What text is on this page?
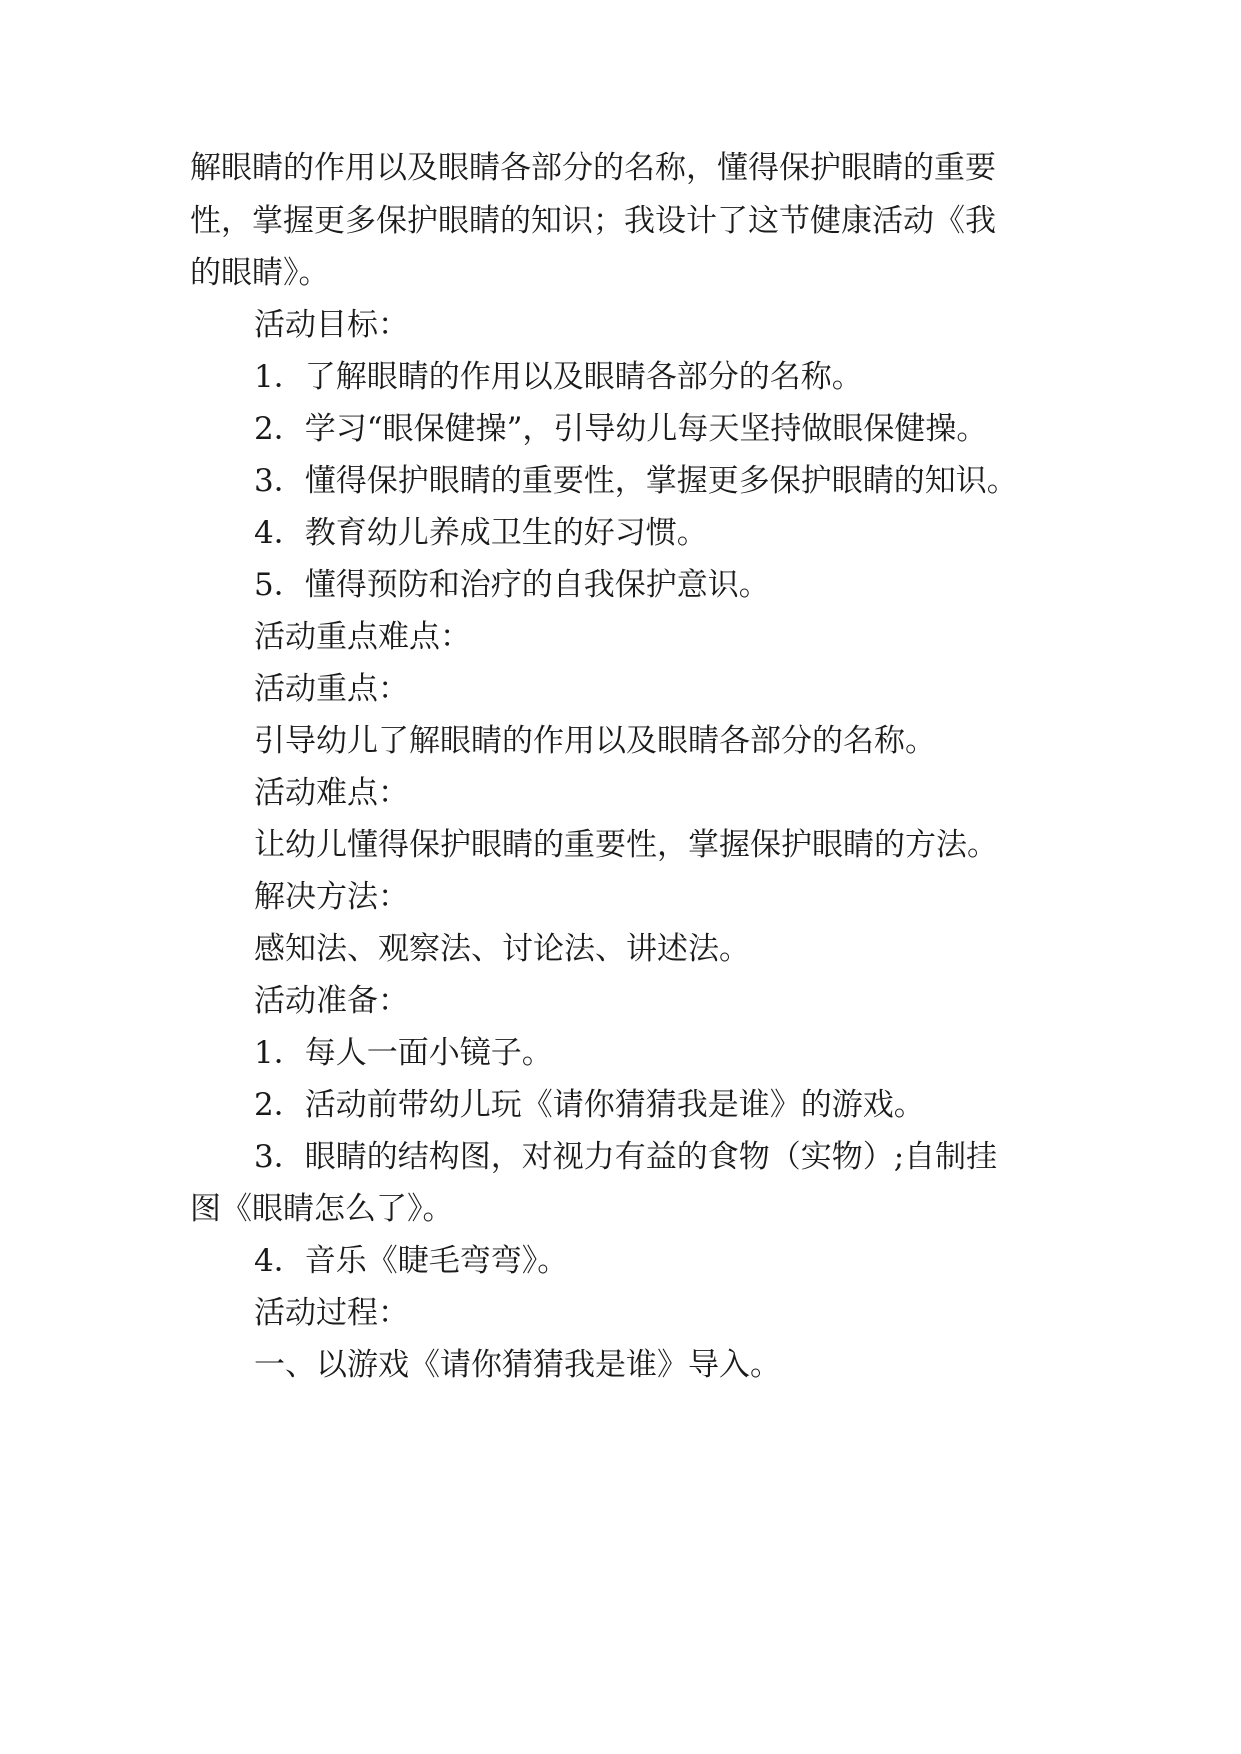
解眼睛的作用以及眼睛各部分的名称，懂得保护眼睛的重要

性，掌握更多保护眼睛的知识；我设计了这节健康活动《我

的眼睛》。

活动目标：

1．了解眼睛的作用以及眼睛各部分的名称。

2．学习“眼保健操”，引导幼儿每天坚持做眼保健操。

3．懂得保护眼睛的重要性，掌握更多保护眼睛的知识。

4．教育幼儿养成卫生的好习惯。

5．懂得预防和治疗的自我保护意识。

活动重点难点：

活动重点：

引导幼儿了解眼睛的作用以及眼睛各部分的名称。

活动难点：

让幼儿懂得保护眼睛的重要性，掌握保护眼睛的方法。

解决方法：

感知法、观察法、讨论法、讲述法。

活动准备：

1．每人一面小镜子。

2．活动前带幼儿玩《请你猜猜我是谁》的游戏。

3．眼睛的结构图，对视力有益的食物（实物）;自制挂

图《眼睛怎么了》。

4．音乐《睫毛弯弯》。

活动过程：

一、以游戏《请你猜猜我是谁》导入。
